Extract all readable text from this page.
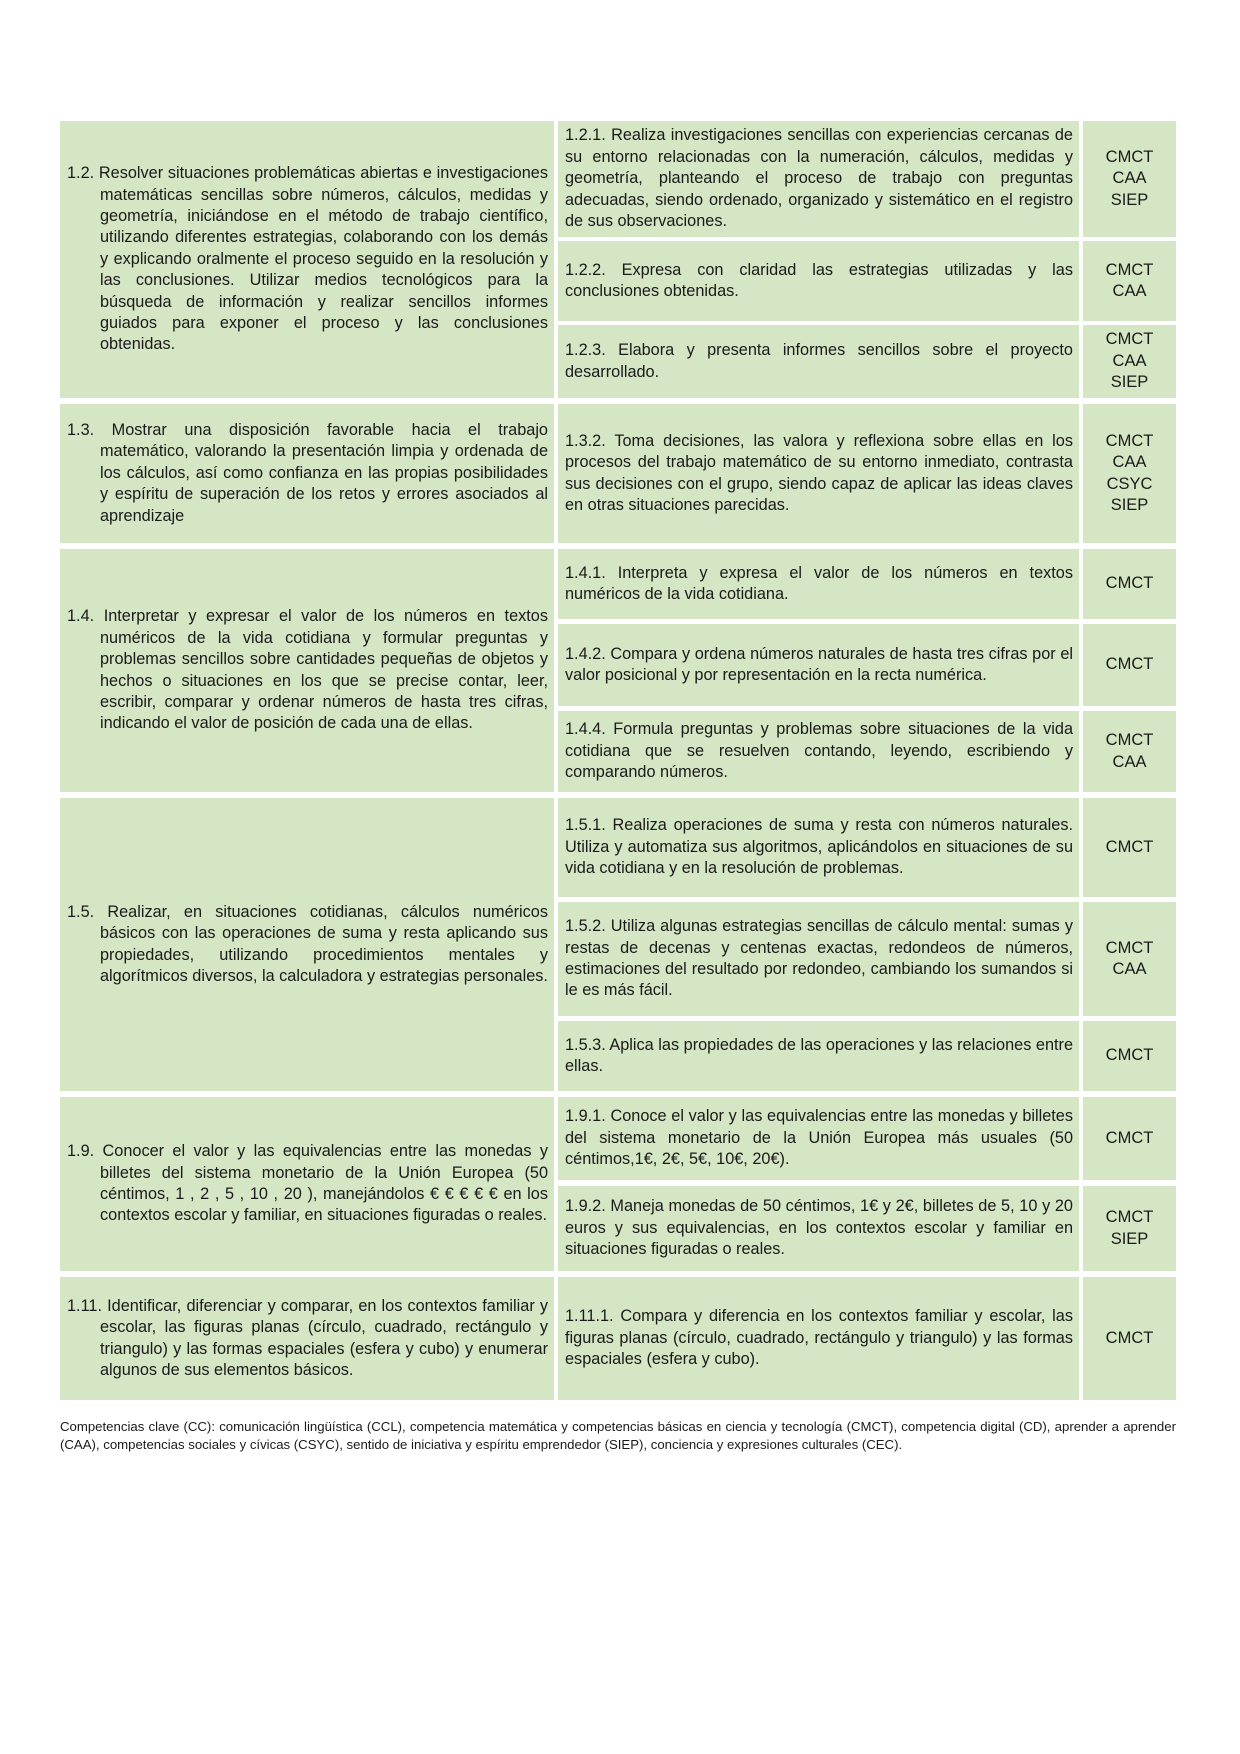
1.2. Resolver situaciones problemáticas abiertas e investigaciones matemáticas sencillas sobre números, cálculos, medidas y geometría, iniciándose en el método de trabajo científico, utilizando diferentes estrategias, colaborando con los demás y explicando oralmente el proceso seguido en la resolución y las conclusiones. Utilizar medios tecnológicos para la búsqueda de información y realizar sencillos informes guiados para exponer el proceso y las conclusiones obtenidas.
1.2.1. Realiza investigaciones sencillas con experiencias cercanas de su entorno relacionadas con la numeración, cálculos, medidas y geometría, planteando el proceso de trabajo con preguntas adecuadas, siendo ordenado, organizado y sistemático en el registro de sus observaciones.
CMCT
CAA
SIEP
1.2.2. Expresa con claridad las estrategias utilizadas y las conclusiones obtenidas.
CMCT
CAA
1.2.3. Elabora y presenta informes sencillos sobre el proyecto desarrollado.
CMCT
CAA
SIEP
1.3. Mostrar una disposición favorable hacia el trabajo matemático, valorando la presentación limpia y ordenada de los cálculos, así como confianza en las propias posibilidades y espíritu de superación de los retos y errores asociados al aprendizaje
1.3.2. Toma decisiones, las valora y reflexiona sobre ellas en los procesos del trabajo matemático de su entorno inmediato, contrasta sus decisiones con el grupo, siendo capaz de aplicar las ideas claves en otras situaciones parecidas.
CMCT
CAA
CSYC
SIEP
1.4. Interpretar y expresar el valor de los números en textos numéricos de la vida cotidiana y formular preguntas y problemas sencillos sobre cantidades pequeñas de objetos y hechos o situaciones en los que se precise contar, leer, escribir, comparar y ordenar números de hasta tres cifras, indicando el valor de posición de cada una de ellas.
1.4.1. Interpreta y expresa el valor de los números en textos numéricos de la vida cotidiana.
CMCT
1.4.2. Compara y ordena números naturales de hasta tres cifras por el valor posicional y por representación en la recta numérica.
CMCT
1.4.4. Formula preguntas y problemas sobre situaciones de la vida cotidiana que se resuelven contando, leyendo, escribiendo y comparando números.
CMCT
CAA
1.5. Realizar, en situaciones cotidianas, cálculos numéricos básicos con las operaciones de suma y resta aplicando sus propiedades, utilizando procedimientos mentales y algorítmicos diversos, la calculadora y estrategias personales.
1.5.1. Realiza operaciones de suma y resta con números naturales. Utiliza y automatiza sus algoritmos, aplicándolos en situaciones de su vida cotidiana y en la resolución de problemas.
CMCT
1.5.2. Utiliza algunas estrategias sencillas de cálculo mental: sumas y restas de decenas y centenas exactas, redondeos de números, estimaciones del resultado por redondeo, cambiando los sumandos si le es más fácil.
CMCT
CAA
1.5.3. Aplica las propiedades de las operaciones y las relaciones entre ellas.
CMCT
1.9. Conocer el valor y las equivalencias entre las monedas y billetes del sistema monetario de la Unión Europea (50 céntimos, 1 , 2 , 5 , 10 , 20 ), manejándolos € € € € € en los contextos escolar y familiar, en situaciones figuradas o reales.
1.9.1. Conoce el valor y las equivalencias entre las monedas y billetes del sistema monetario de la Unión Europea más usuales (50 céntimos,1€, 2€, 5€, 10€, 20€).
CMCT
1.9.2. Maneja monedas de 50 céntimos, 1€ y 2€, billetes de 5, 10 y 20 euros y sus equivalencias, en los contextos escolar y familiar en situaciones figuradas o reales.
CMCT
SIEP
1.11. Identificar, diferenciar y comparar, en los contextos familiar y escolar, las figuras planas (círculo, cuadrado, rectángulo y triangulo) y las formas espaciales (esfera y cubo) y enumerar algunos de sus elementos básicos.
1.11.1. Compara y diferencia en los contextos familiar y escolar, las figuras planas (círculo, cuadrado, rectángulo y triangulo) y las formas espaciales (esfera y cubo).
CMCT
Competencias clave (CC): comunicación lingüística (CCL), competencia matemática y competencias básicas en ciencia y tecnología (CMCT), competencia digital (CD), aprender a aprender (CAA), competencias sociales y cívicas (CSYC), sentido de iniciativa y espíritu emprendedor (SIEP), conciencia y expresiones culturales (CEC).
